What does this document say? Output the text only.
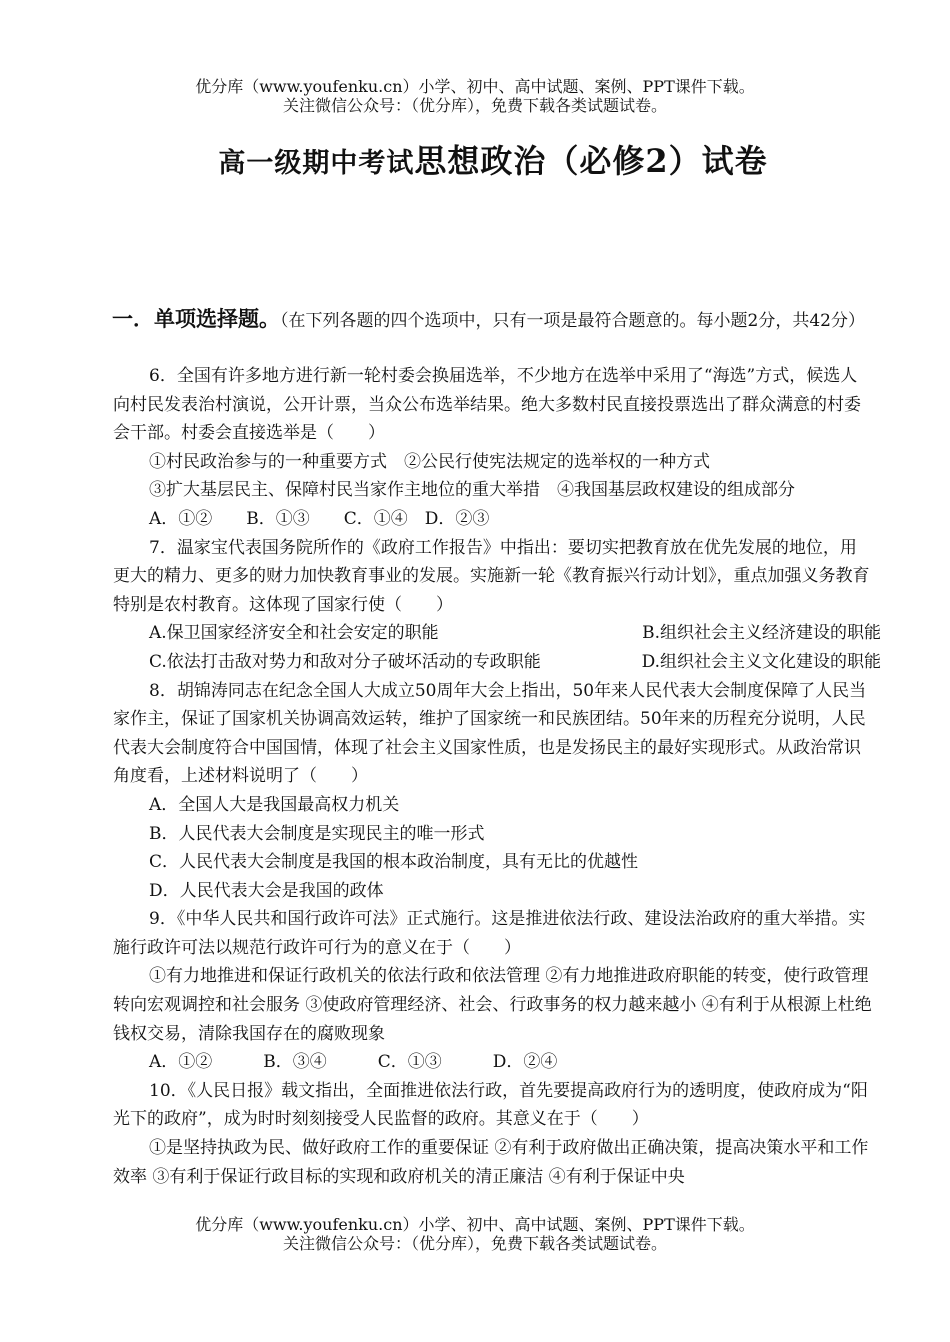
优分库（www.youfenku.cn）小学、初中、高中试题、案例、PPT课件下载。
关注微信公众号：（优分库），免费下载各类试题试卷。
高一级期中考试思想政治（必修2）试卷
一．单项选择题。（在下列各题的四个选项中，只有一项是最符合题意的。每小题2分，共42分）

6．全国有许多地方进行新一轮村委会换届选举，不少地方在选举中采用了“海选”方式，候选人向村民发表治村演说，公开计票，当众公布选举结果。绝大多数村民直接投票选出了群众满意的村委会干部。村委会直接选举是（　　）

①村民政治参与的一种重要方式　②公民行使宪法规定的选举权的一种方式

③扩大基层民主、保障村民当家作主地位的重大举措　④我国基层政权建设的组成部分

A．①②　　B．①③　　C．①④　D．②③

7．温家宝代表国务院所作的《政府工作报告》中指出：要切实把教育放在优先发展的地位，用更大的精力、更多的财力加快教育事业的发展。实施新一轮《教育振兴行动计划》，重点加强义务教育特别是农村教育。这体现了国家行使（　　）

A.保卫国家经济安全和社会安定的职能	B.组织社会主义经济建设的职能

C.依法打击敌对势力和敌对分子破坏活动的专政职能	D.组织社会主义文化建设的职能

8．胡锦涛同志在纪念全国人大成立50周年大会上指出，50年来人民代表大会制度保障了人民当家作主，保证了国家机关协调高效运转，维护了国家统一和民族团结。50年来的历程充分说明，人民代表大会制度符合中国国情，体现了社会主义国家性质，也是发扬民主的最好实现形式。从政治常识角度看，上述材料说明了（　　）

A．全国人大是我国最高权力机关

B．人民代表大会制度是实现民主的唯一形式

C．人民代表大会制度是我国的根本政治制度，具有无比的优越性

D．人民代表大会是我国的政体

9．《中华人民共和国行政许可法》正式施行。这是推进依法行政、建设法治政府的重大举措。实施行政许可法以规范行政许可行为的意义在于（　　）

①有力地推进和保证行政机关的依法行政和依法管理 ②有力地推进政府职能的转变，使行政管理转向宏观调控和社会服务 ③使政府管理经济、社会、行政事务的权力越来越小 ④有利于从根源上杜绝钱权交易，清除我国存在的腐败现象

A．①②　　　B．③④　　　C．①③　　　D．②④

10．《人民日报》载文指出，全面推进依法行政，首先要提高政府行为的透明度，使政府成为“阳光下的政府”，成为时时刻刻接受人民监督的政府。其意义在于（　　）

①是坚持执政为民、做好政府工作的重要保证 ②有利于政府做出正确决策，提高决策水平和工作效率 ③有利于保证行政目标的实现和政府机关的清正廉洁 ④有利于保证中央

优分库（www.youfenku.cn）小学、初中、高中试题、案例、PPT课件下载。
关注微信公众号：（优分库），免费下载各类试题试卷。
